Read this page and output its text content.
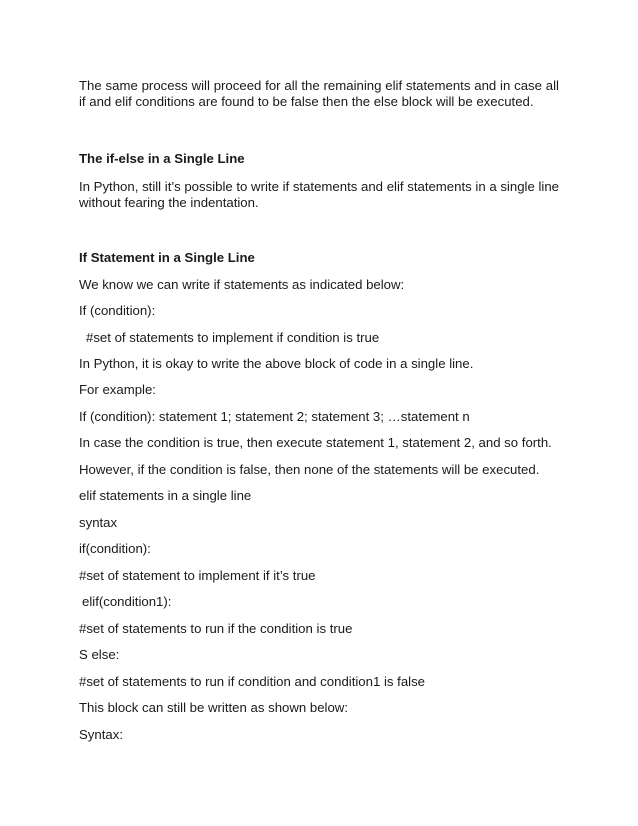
The same process will proceed for all the remaining elif statements and in case all if and elif conditions are found to be false then the else block will be executed.
The if-else in a Single Line
In Python, still it’s possible to write if statements and elif statements in a single line without fearing the indentation.
If Statement in a Single Line
We know we can write if statements as indicated below:
If (condition):
#set of statements to implement if condition is true
In Python, it is okay to write the above block of code in a single line.
For example:
If (condition): statement 1; statement 2; statement 3; …statement n
In case the condition is true, then execute statement 1, statement 2, and so forth.
However, if the condition is false, then none of the statements will be executed.
elif statements in a single line
syntax
if(condition):
#set of statement to implement if it’s true
elif(condition1):
#set of statements to run if the condition is true
S else:
#set of statements to run if condition and condition1 is false
This block can still be written as shown below:
Syntax:
